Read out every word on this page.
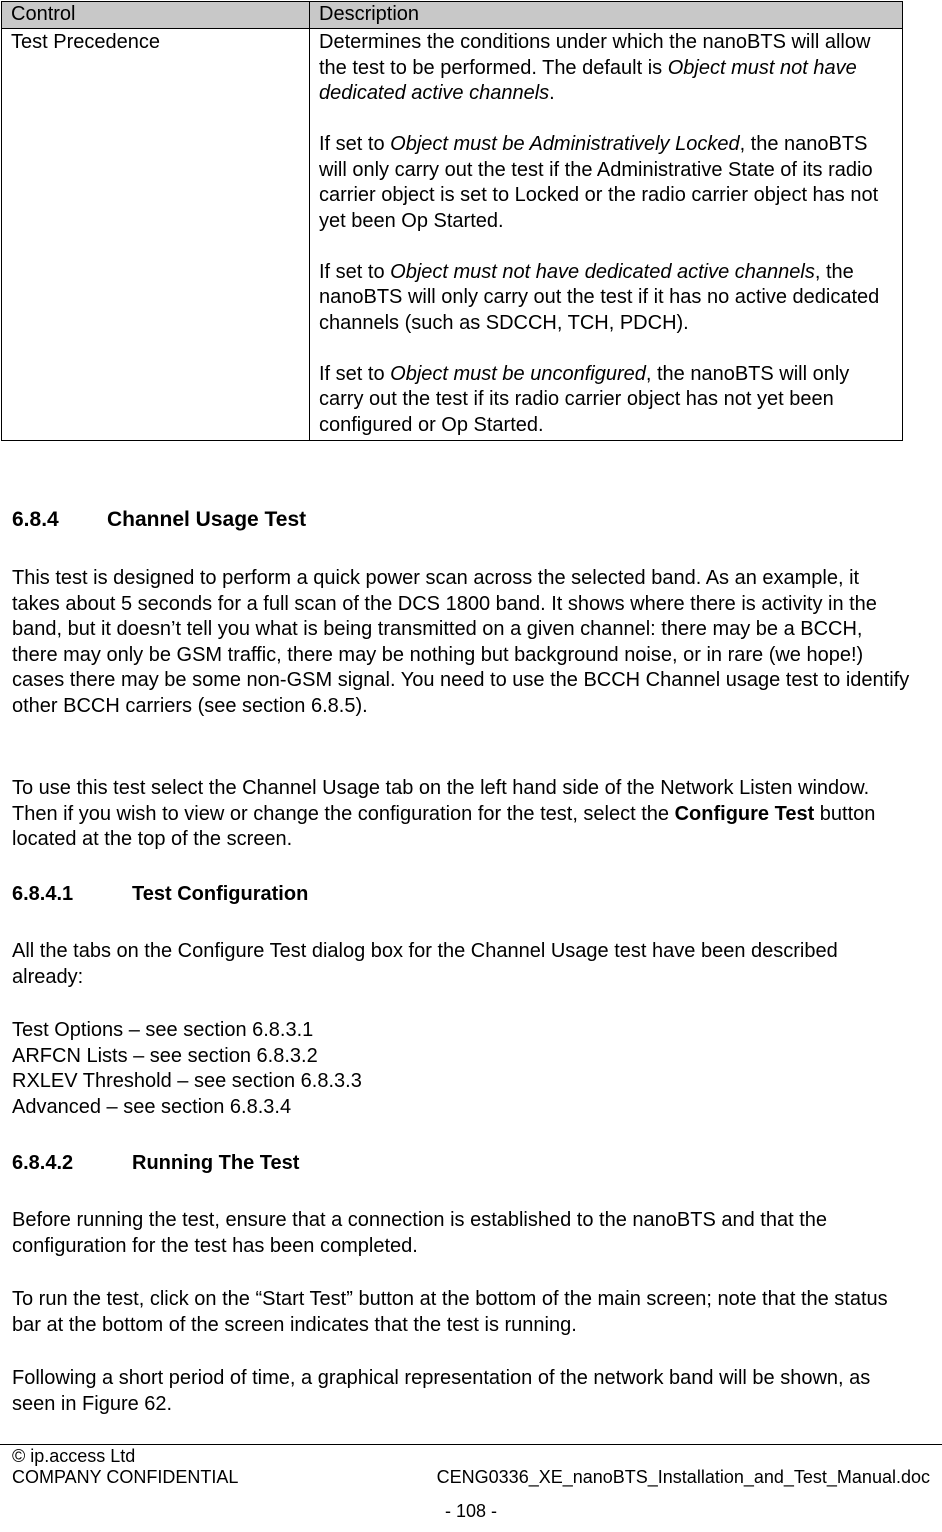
Control	Description
Test Precedence	Determines the conditions under which the nanoBTS will allow the test to be performed. The default is Object must not have dedicated active channels.

If set to Object must be Administratively Locked, the nanoBTS will only carry out the test if the Administrative State of its radio carrier object is set to Locked or the radio carrier object has not yet been Op Started.

If set to Object must not have dedicated active channels, the nanoBTS will only carry out the test if it has no active dedicated channels (such as SDCCH, TCH, PDCH).

If set to Object must be unconfigured, the nanoBTS will only carry out the test if its radio carrier object has not yet been configured or Op Started.

6.8.4 Channel Usage Test

This test is designed to perform a quick power scan across the selected band. As an example, it takes about 5 seconds for a full scan of the DCS 1800 band. It shows where there is activity in the band, but it doesn’t tell you what is being transmitted on a given channel: there may be a BCCH, there may only be GSM traffic, there may be nothing but background noise, or in rare (we hope!) cases there may be some non-GSM signal. You need to use the BCCH Channel usage test to identify other BCCH carriers (see section 6.8.5).

To use this test select the Channel Usage tab on the left hand side of the Network Listen window. Then if you wish to view or change the configuration for the test, select the Configure Test button located at the top of the screen.

6.8.4.1	Test Configuration

All the tabs on the Configure Test dialog box for the Channel Usage test have been described already:

Test Options – see section 6.8.3.1
ARFCN Lists – see section 6.8.3.2
RXLEV Threshold – see section 6.8.3.3
Advanced – see section 6.8.3.4
6.8.4.2	Running The Test

Before running the test, ensure that a connection is established to the nanoBTS and that the configuration for the test has been completed.

To run the test, click on the “Start Test” button at the bottom of the main screen; note that the status bar at the bottom of the screen indicates that the test is running.

Following a short period of time, a graphical representation of the network band will be shown, as seen in Figure 62.

© ip.access Ltd
COMPANY CONFIDENTIAL	CENG0336_XE_nanoBTS_Installation_and_Test_Manual.doc
- 108 -
